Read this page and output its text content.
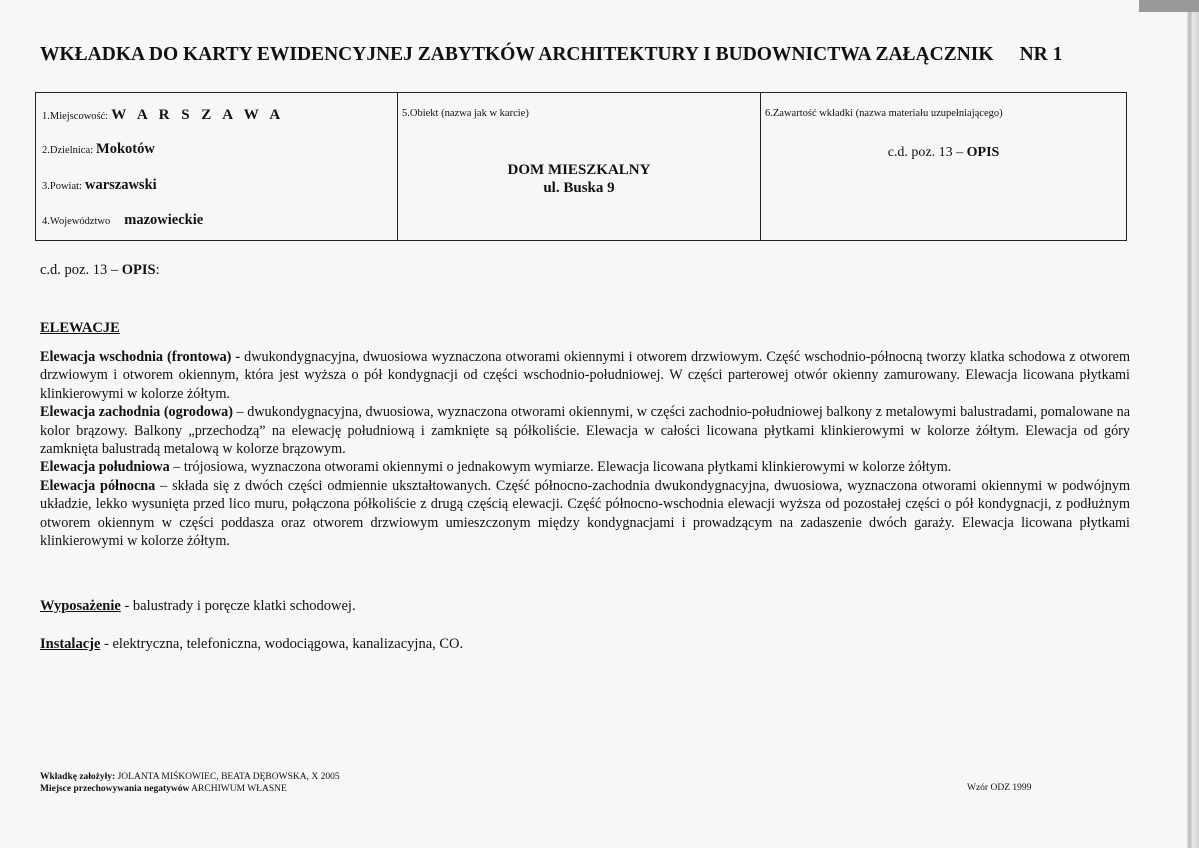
WKŁADKA DO KARTY EWIDENCYJNEJ ZABYTKÓW ARCHITEKTURY I BUDOWNICTWA ZAŁĄCZNIK NR 1
1.Miejscowość: W A R S Z A W A
2.Dzielnica: Mokotów
3.Powiat: warszawski
4.Województwo mazowieckie
5.Obiekt (nazwa jak w karcie)
DOM MIESZKALNY
ul. Buska 9
6.Zawartość wkładki (nazwa materiału uzupełniającego)
c.d. poz. 13 – OPIS
c.d. poz. 13 – OPIS:
ELEWACJE

Elewacja wschodnia (frontowa) - dwukondygnacyjna, dwuosiowa wyznaczona otworami okiennymi i otworem drzwiowym. Część wschodnio-północną tworzy klatka schodowa z otworem drzwiowym i otworem okiennym, która jest wyższa o pół kondygnacji od części wschodnio-południowej. W części parterowej otwór okienny zamurowany. Elewacja licowana płytkami klinkierowymi w kolorze żółtym.

Elewacja zachodnia (ogrodowa) – dwukondygnacyjna, dwuosiowa, wyznaczona otworami okiennymi, w części zachodnio-południowej balkony z metalowymi balustradami, pomalowane na kolor brązowy. Balkony „przechodzą” na elewację południową i zamknięte są półkoliście. Elewacja w całości licowana płytkami klinkierowymi w kolorze żółtym. Elewacja od góry zamknięta balustradą metalową w kolorze brązowym.

Elewacja południowa – trójosiowa, wyznaczona otworami okiennymi o jednakowym wymiarze. Elewacja licowana płytkami klinkierowymi w kolorze żółtym.

Elewacja północna – składa się z dwóch części odmiennie ukształtowanych. Część północno-zachodnia dwukondygnacyjna, dwuosiowa, wyznaczona otworami okiennymi w podwójnym układzie, lekko wysunięta przed lico muru, połączona półkoliście z drugą częścią elewacji. Część północno-wschodnia elewacji wyższa od pozostałej części o pół kondygnacji, z podłużnym otworem okiennym w części poddasza oraz otworem drzwiowym umieszczonym między kondygnacjami i prowadzącym na zadaszenie dwóch garaży. Elewacja licowana płytkami klinkierowymi w kolorze żółtym.

Wyposażenie - balustrady i poręcze klatki schodowej.
Instalacje - elektryczna, telefoniczna, wodociągowa, kanalizacyjna, CO.
Wkładkę założyły: JOLANTA MIŚKOWIEC, BEATA DĘBOWSKA, X 2005
Miejsce przechowywania negatywów ARCHIWUM WŁASNE	Wzór ODZ 1999
